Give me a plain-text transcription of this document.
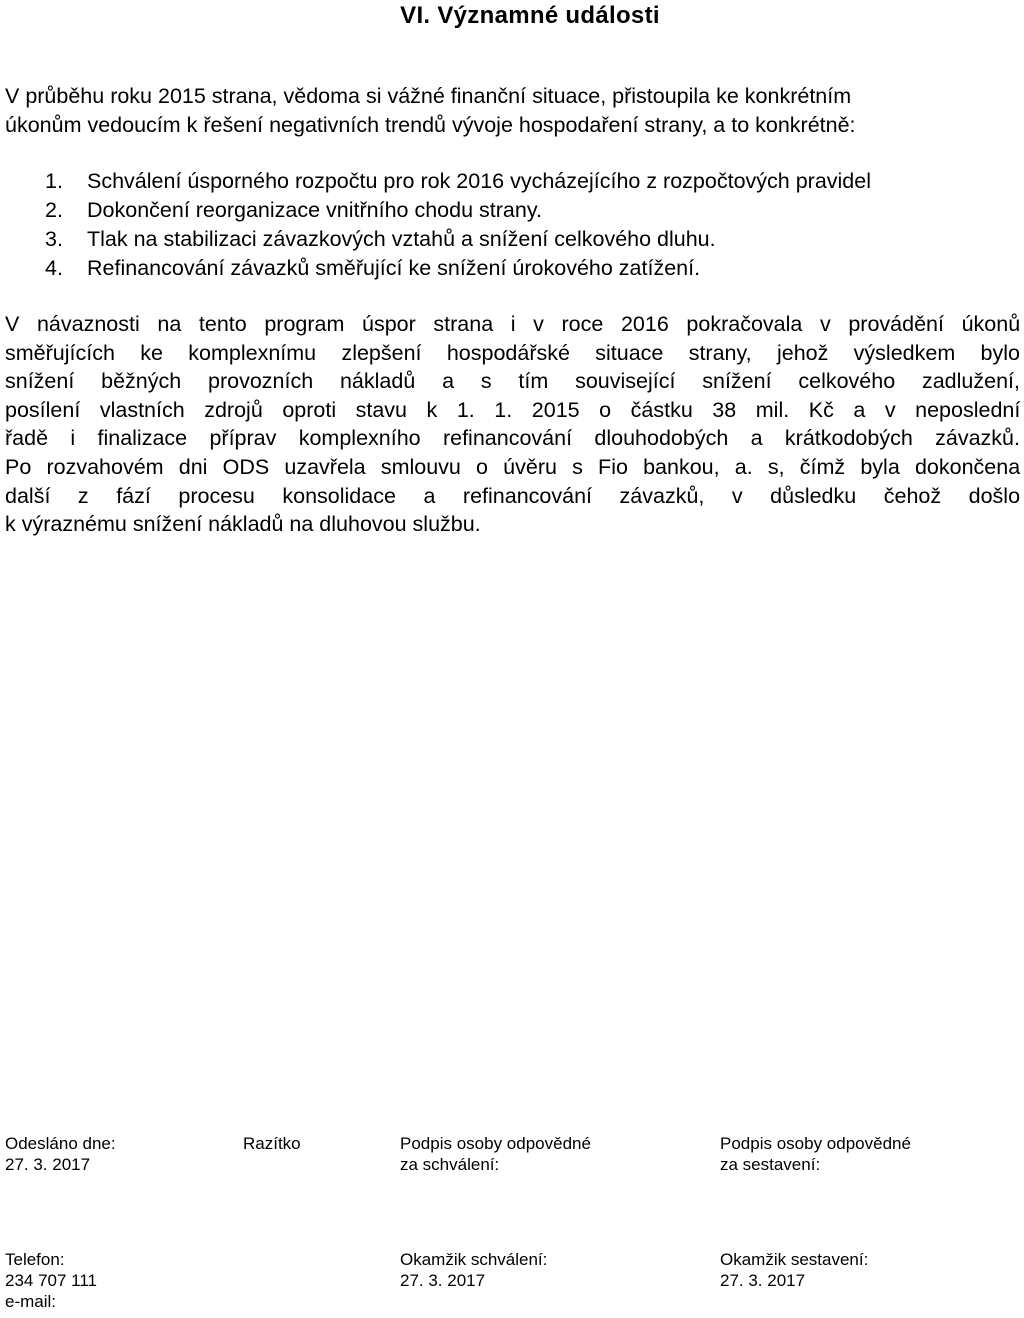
VI. Významné události

V průběhu roku 2015 strana, vědoma si vážné finanční situace, přistoupila ke konkrétním
úkonům vedoucím k řešení negativních trendů vývoje hospodaření strany, a to konkrétně:

1. Schválení úsporného rozpočtu pro rok 2016 vycházejícího z rozpočtových pravidel
2. Dokončení reorganizace vnitřního chodu strany.
3. Tlak na stabilizaci závazkových vztahů a snížení celkového dluhu.
4. Refinancování závazků směřující ke snížení úrokového zatížení.
V návaznosti na tento program úspor strana i v roce 2016 pokračovala v provádění úkonů
směřujících ke komplexnímu zlepšení hospodářské situace strany, jehož výsledkem bylo
snížení běžných provozních nákladů a s tím související snížení celkového zadlužení,
posílení vlastních zdrojů oproti stavu k 1. 1. 2015 o částku 38 mil. Kč a v neposlední
řadě i finalizace příprav komplexního refinancování dlouhodobých a krátkodobých závazků.
Po rozvahovém dni ODS uzavřela smlouvu o úvěru s Fio bankou, a. s, čímž byla dokončena
další z fází procesu konsolidace a refinancování závazků, v důsledku čehož došlo
k výraznému snížení nákladů na dluhovou službu.
Odesláno dne:
27. 3. 2017
Razítko	Podpis osoby odpovědné
za schválení:
Podpis osoby odpovědné
za sestavení:
Telefon:
234 707 111
e-mail:
Okamžik schválení:
27. 3. 2017
Okamžik sestavení:
27. 3. 2017
